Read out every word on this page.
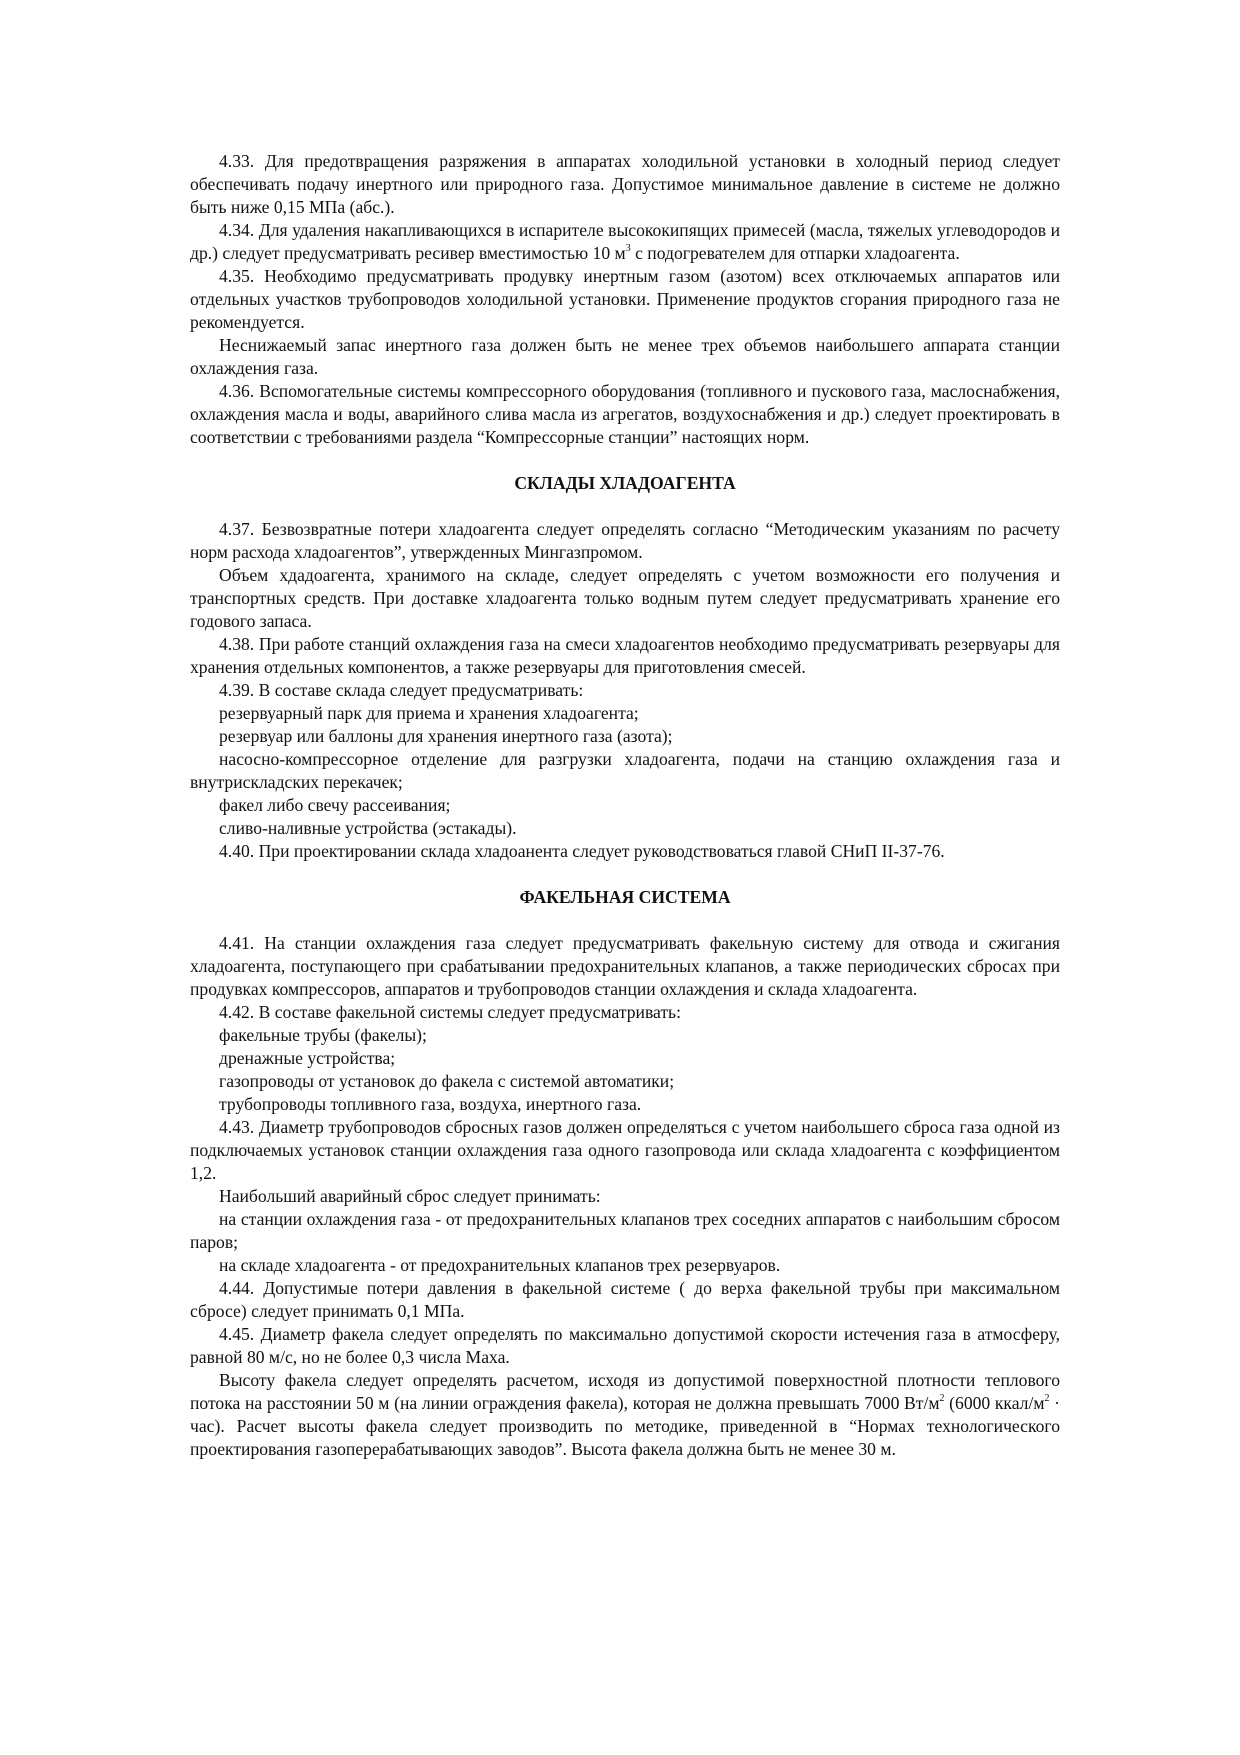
4.33. Для предотвращения разряжения в аппаратах холодильной установки в холодный период следует обеспечивать подачу инертного или природного газа. Допустимое минимальное давление в системе не должно быть ниже 0,15 МПа (абс.).

4.34. Для удаления накапливающихся в испарителе высококипящих примесей (масла, тяжелых углеводородов и др.) следует предусматривать ресивер вместимостью 10 $м^3$ с подогревателем для отпарки хладоагента.

4.35. Необходимо предусматривать продувку инертным газом (азотом) всех отключаемых аппаратов или отдельных участков трубопроводов холодильной установки. Применение продуктов сгорания природного газа не рекомендуется.

Неснижаемый запас инертного газа должен быть не менее трех объемов наибольшего аппарата станции охлаждения газа.

4.36. Вспомогательные системы компрессорного оборудования (топливного и пускового газа, маслоснабжения, охлаждения масла и воды, аварийного слива масла из агрегатов, воздухоснабжения и др.) следует проектировать в соответствии с требованиями раздела “Компрессорные станции” настоящих норм.

СКЛАДЫ ХЛАДОАГЕНТА

4.37. Безвозвратные потери хладоагента следует определять согласно “Методическим указаниям по расчету норм расхода хладоагентов”, утвержденных Мингазпромом.

Объем хдадоагента, хранимого на складе, следует определять с учетом возможности его получения и транспортных средств. При доставке хладоагента только водным путем следует предусматривать хранение его годового запаса.

4.38. При работе станций охлаждения газа на смеси хладоагентов необходимо предусматривать резервуары для хранения отдельных компонентов, а также резервуары для приготовления смесей.

4.39. В составе склада следует предусматривать:

резервуарный парк для приема и хранения хладоагента;

резервуар или баллоны для хранения инертного газа (азота);

насосно-компрессорное отделение для разгрузки хладоагента, подачи на станцию охлаждения газа и внутрискладских перекачек;

факел либо свечу рассеивания;

сливо-наливные устройства (эстакады).

4.40. При проектировании склада хладоанента следует руководствоваться главой СНиП II-37-76.

ФАКЕЛЬНАЯ СИСТЕМА

4.41. На станции охлаждения газа следует предусматривать факельную систему для отвода и сжигания хладоагента, поступающего при срабатывании предохранительных клапанов, а также периодических сбросах при продувках компрессоров, аппаратов и трубопроводов станции охлаждения и склада хладоагента.

4.42. В составе факельной системы следует предусматривать:

факельные трубы (факелы);

дренажные устройства;

газопроводы от установок до факела с системой автоматики;

трубопроводы топливного газа, воздуха, инертного газа.

4.43. Диаметр трубопроводов сбросных газов должен определяться с учетом наибольшего сброса газа одной из подключаемых установок станции охлаждения газа одного газопровода или склада хладоагента с коэффициентом 1,2.

Наибольший аварийный сброс следует принимать:

на станции охлаждения газа - от предохранительных клапанов трех соседних аппаратов с наибольшим сбросом паров;

на складе хладоагента - от предохранительных клапанов трех резервуаров.

4.44. Допустимые потери давления в факельной системе ( до верха факельной трубы при максимальном сбросе) следует принимать 0,1 МПа.

4.45. Диаметр факела следует определять по максимально допустимой скорости истечения газа в атмосферу, равной 80 м/с, но не более 0,3 числа Маха.

Высоту факела следует определять расчетом, исходя из допустимой поверхностной плотности теплового потока на расстоянии 50 м (на линии ограждения факела), которая не должна превышать 7000 $Вт/м^2$ (6000 ккал/$м^2 \cdot час$). Расчет высоты факела следует производить по методике, приведенной в “Нормах технологического проектирования газоперерабатывающих заводов”. Высота факела должна быть не менее 30 м.
